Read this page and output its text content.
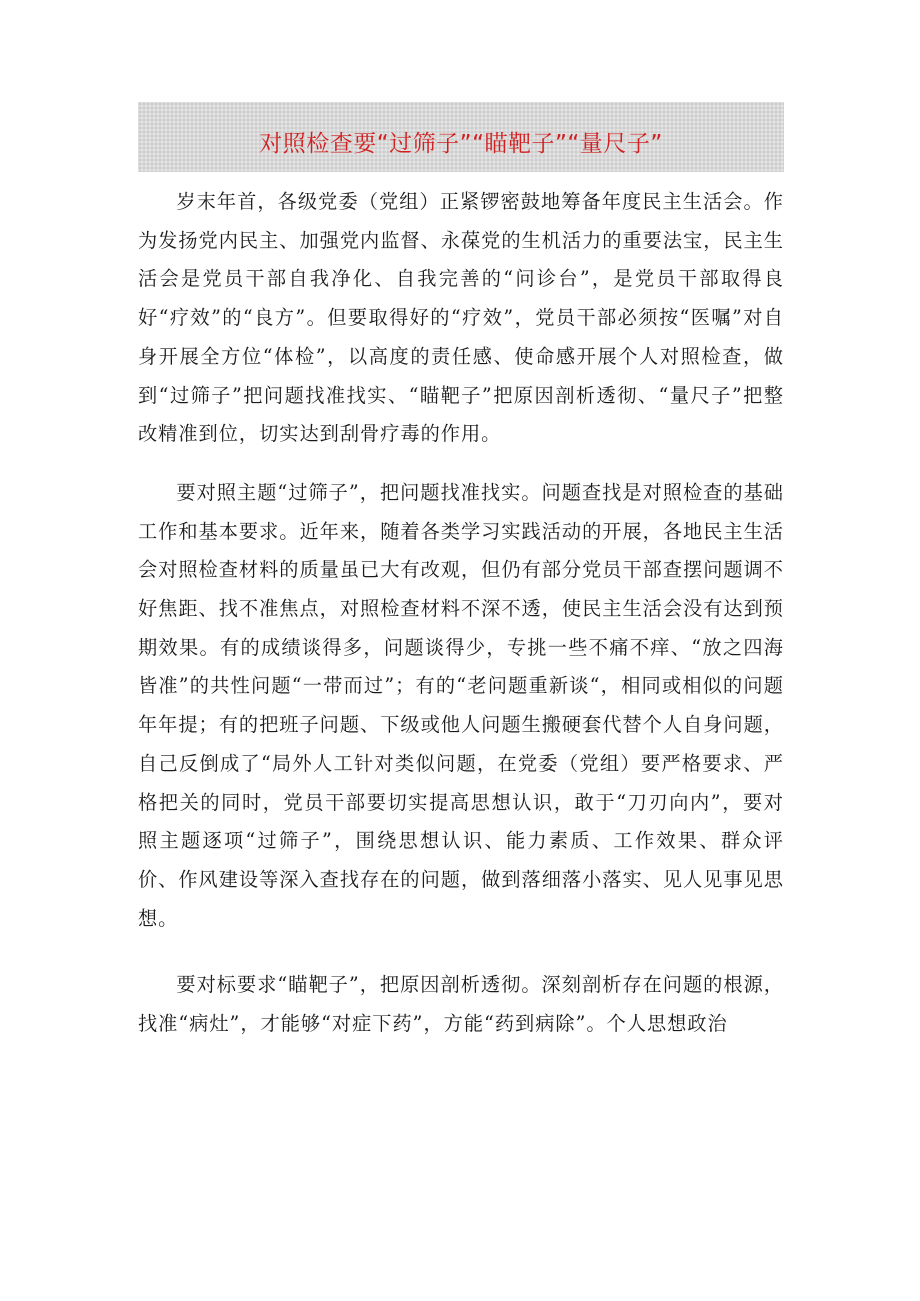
对照检查要“过筛子”“瞄靶子”“量尺子”

岁末年首，各级党委（党组）正紧锣密鼓地筹备年度民主生活会。作为发扬党内民主、加强党内监督、永葆党的生机活力的重要法宝，民主生活会是党员干部自我净化、自我完善的“问诊台”，是党员干部取得良好“疗效”的“良方”。但要取得好的“疗效”，党员干部必须按“医嘱”对自身开展全方位“体检”，以高度的责任感、使命感开展个人对照检查，做到“过筛子”把问题找准找实、“瞄靶子”把原因剖析透彻、“量尺子”把整改精准到位，切实达到刮骨疗毒的作用。

要对照主题“过筛子”，把问题找准找实。问题查找是对照检查的基础工作和基本要求。近年来，随着各类学习实践活动的开展，各地民主生活会对照检查材料的质量虽已大有改观，但仍有部分党员干部查摆问题调不好焦距、找不准焦点，对照检查材料不深不透，使民主生活会没有达到预期效果。有的成绩谈得多，问题谈得少，专挑一些不痛不痒、“放之四海皆准”的共性问题“一带而过”；有的“老问题重新谈“，相同或相似的问题年年提；有的把班子问题、下级或他人问题生搬硬套代替个人自身问题，自己反倒成了“局外人工针对类似问题，在党委（党组）要严格要求、严格把关的同时，党员干部要切实提高思想认识，敢于“刀刃向内”，要对照主题逐项“过筛子”，围绕思想认识、能力素质、工作效果、群众评价、作风建设等深入查找存在的问题，做到落细落小落实、见人见事见思想。

要对标要求“瞄靶子”，把原因剖析透彻。深刻剖析存在问题的根源，找准“病灶”，才能够“对症下药”，方能“药到病除”。个人思想政治
